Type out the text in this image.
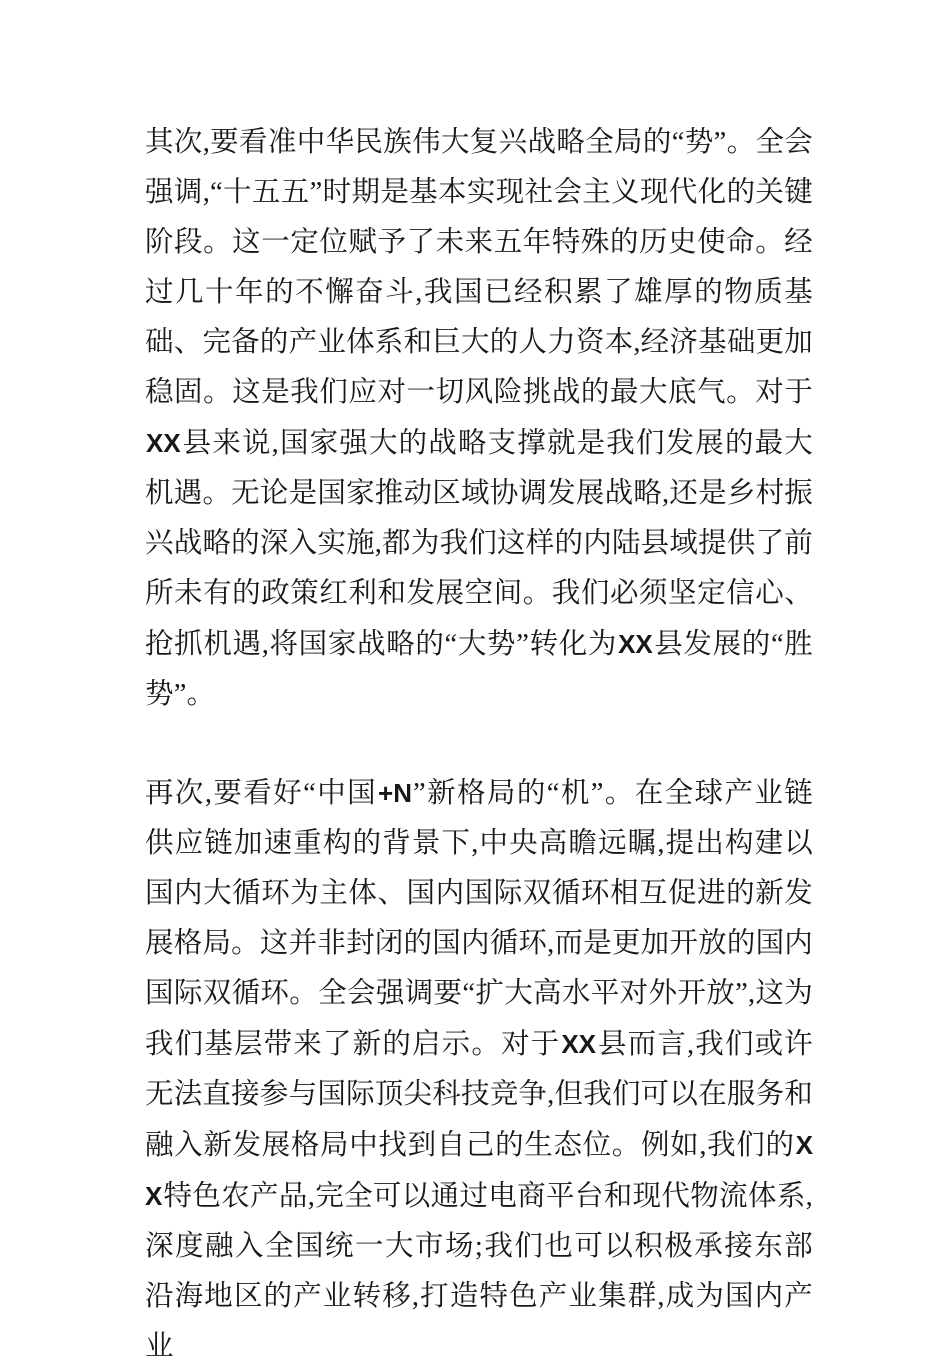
其次,要看准中华民族伟大复兴战略全局的“势”。全会强调,“十五五”时期是基本实现社会主义现代化的关键阶段。这一定位赋予了未来五年特殊的历史使命。经过几十年的不懈奋斗,我国已经积累了雄厚的物质基础、完备的产业体系和巨大的人力资本,经济基础更加稳固。这是我们应对一切风险挑战的最大底气。对于XX县来说,国家强大的战略支撑就是我们发展的最大机遇。无论是国家推动区域协调发展战略,还是乡村振兴战略的深入实施,都为我们这样的内陆县域提供了前所未有的政策红利和发展空间。我们必须坚定信心、抢抓机遇,将国家战略的“大势”转化为XX县发展的“胜势”。

再次,要看好“中国+N”新格局的“机”。在全球产业链供应链加速重构的背景下,中央高瞻远瞩,提出构建以国内大循环为主体、国内国际双循环相互促进的新发展格局。这并非封闭的国内循环,而是更加开放的国内国际双循环。全会强调要“扩大高水平对外开放”,这为我们基层带来了新的启示。对于XX县而言,我们或许无法直接参与国际顶尖科技竞争,但我们可以在服务和融入新发展格局中找到自己的生态位。例如,我们的XX特色农产品,完全可以通过电商平台和现代物流体系,深度融入全国统一大市场;我们也可以积极承接东部沿海地区的产业转移,打造特色产业集群,成为国内产业
